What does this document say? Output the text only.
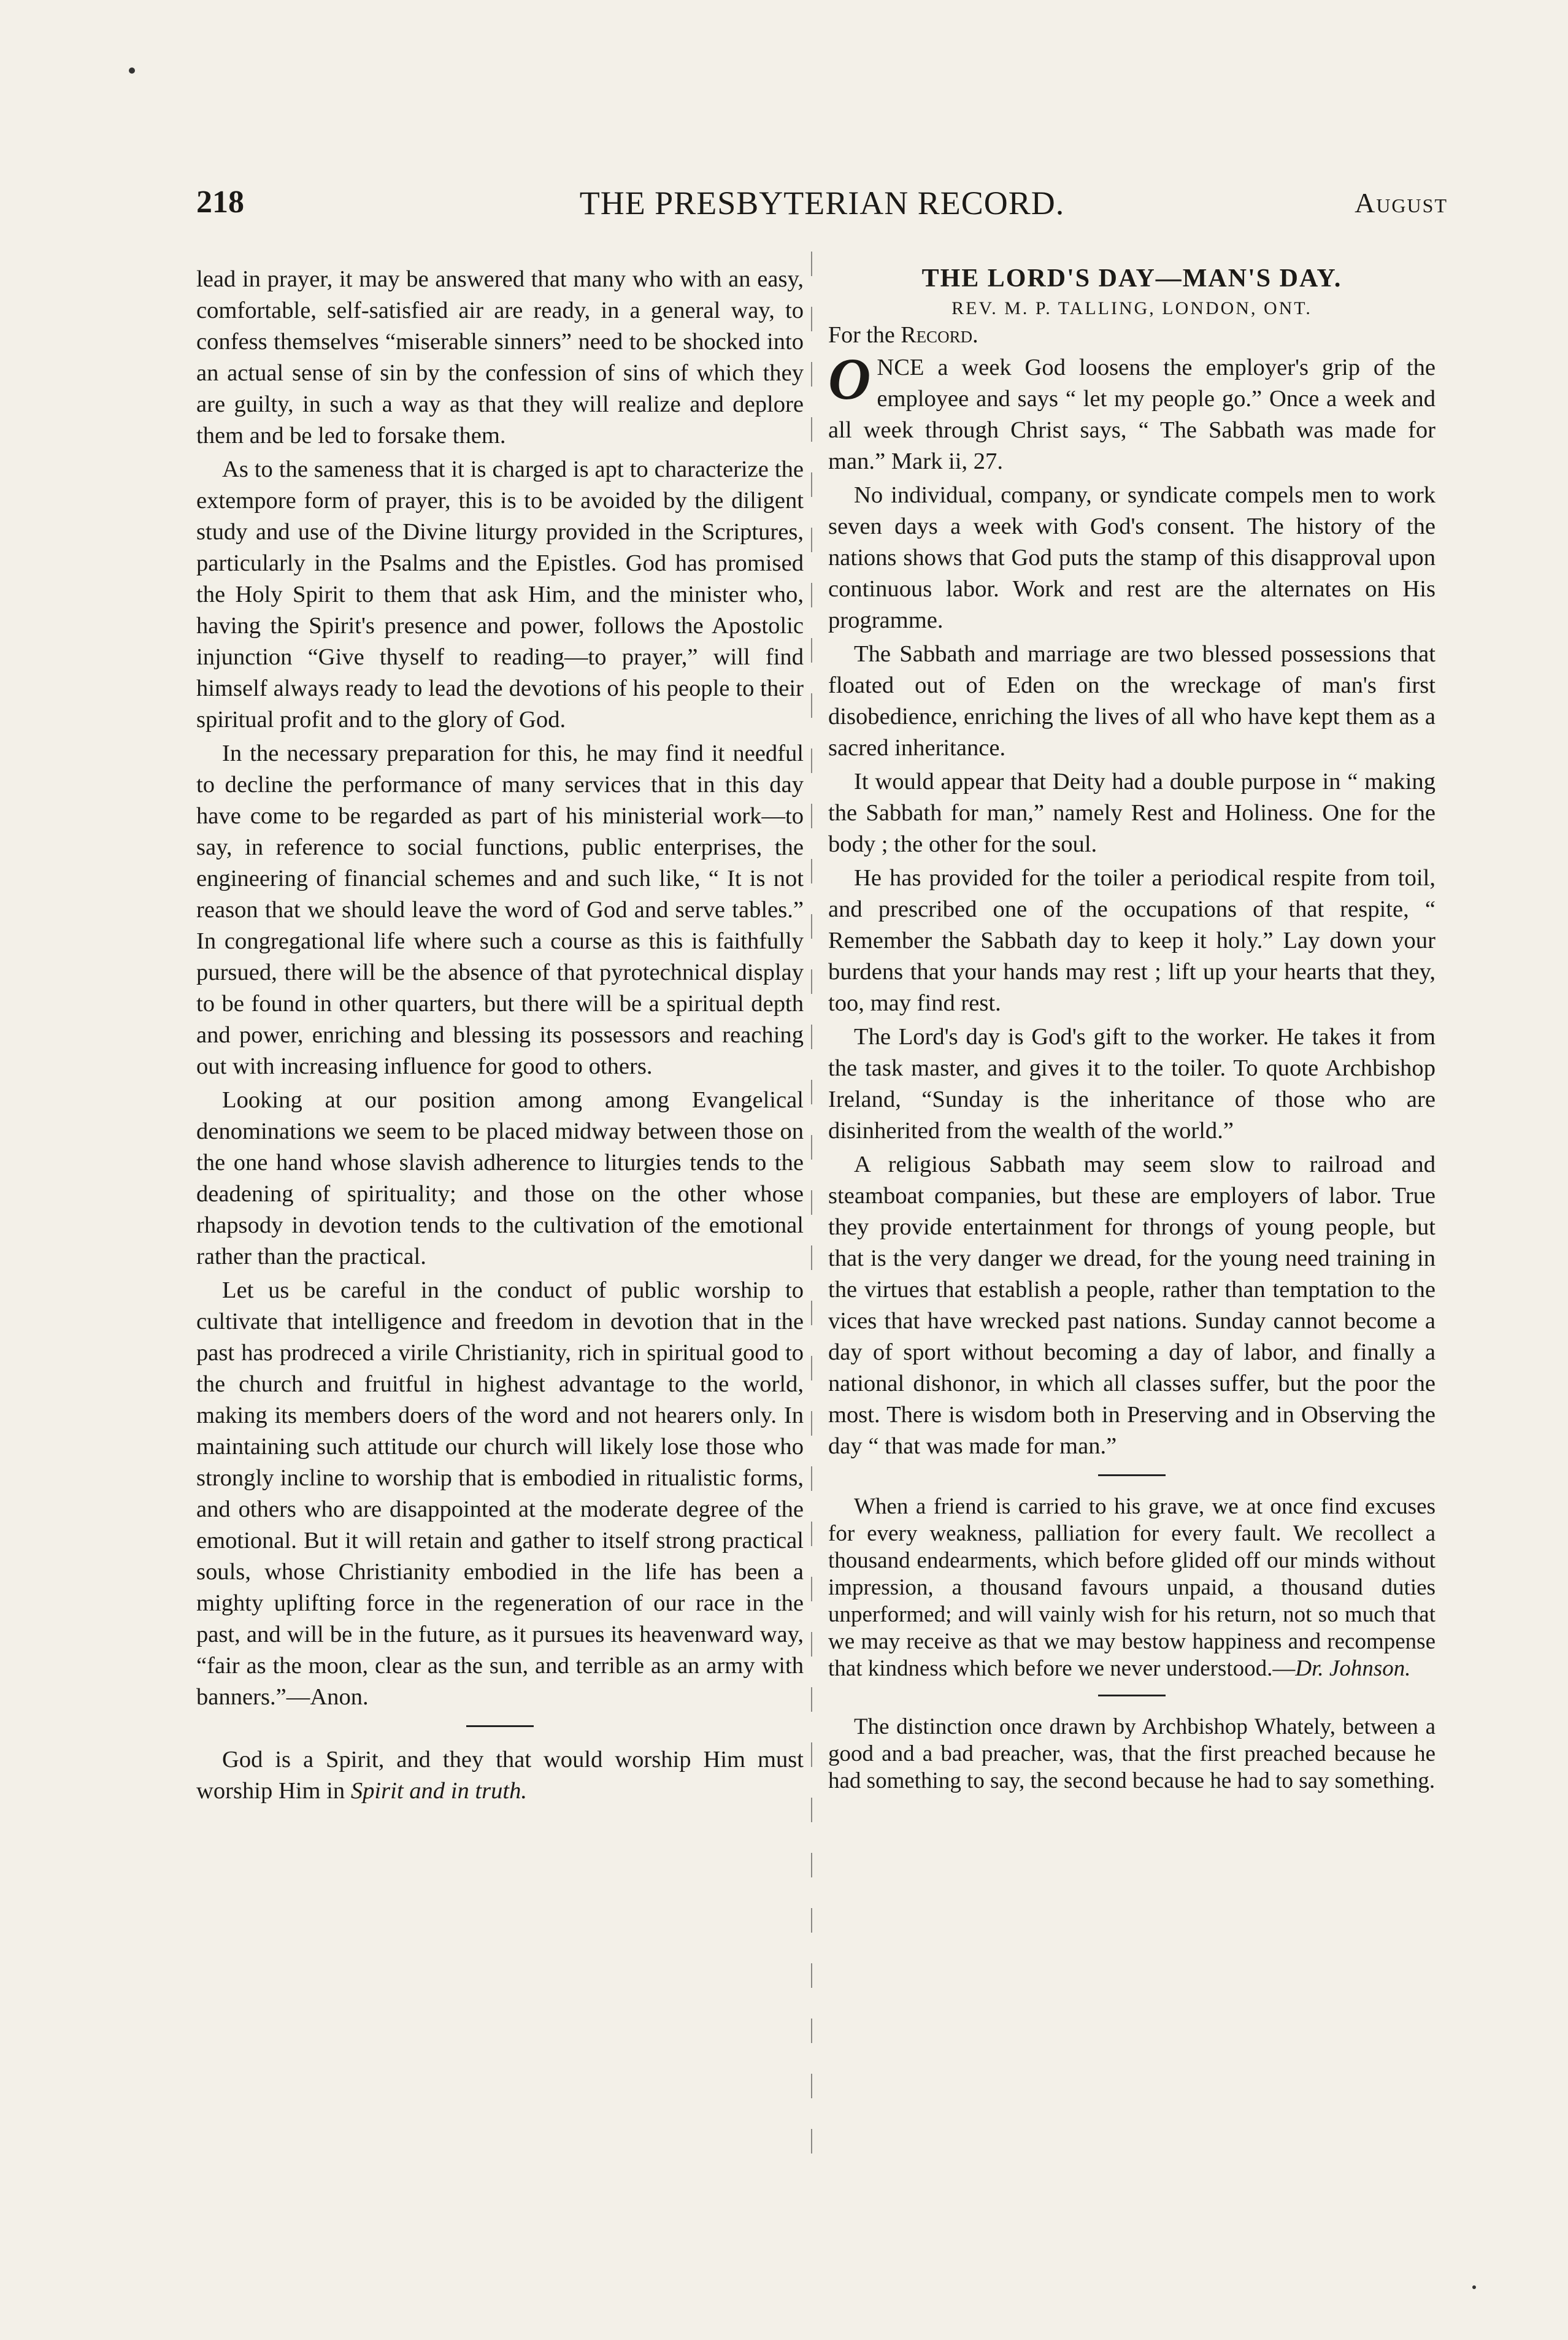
218	THE PRESBYTERIAN RECORD.	August

lead in prayer, it may be answered that many who with an easy, comfortable, self-satisfied air are ready, in a general way, to confess themselves “miserable sinners” need to be shocked into an actual sense of sin by the confession of sins of which they are guilty, in such a way as that they will realize and deplore them and be led to forsake them.

As to the sameness that it is charged is apt to characterize the extempore form of prayer, this is to be avoided by the diligent study and use of the Divine liturgy provided in the Scriptures, particularly in the Psalms and the Epistles. God has promised the Holy Spirit to them that ask Him, and the minister who, having the Spirit's presence and power, follows the Apostolic injunction “Give thyself to reading—to prayer,” will find himself always ready to lead the devotions of his people to their spiritual profit and to the glory of God.

In the necessary preparation for this, he may find it needful to decline the performance of many services that in this day have come to be regarded as part of his ministerial work—to say, in reference to social functions, public enterprises, the engineering of financial schemes and and such like, “ It is not reason that we should leave the word of God and serve tables.” In congregational life where such a course as this is faithfully pursued, there will be the absence of that pyrotechnical display to be found in other quarters, but there will be a spiritual depth and power, enriching and blessing its possessors and reaching out with increasing influence for good to others.

Looking at our position among among Evangelical denominations we seem to be placed midway between those on the one hand whose slavish adherence to liturgies tends to the deadening of spirituality; and those on the other whose rhapsody in devotion tends to the cultivation of the emotional rather than the practical.

Let us be careful in the conduct of public worship to cultivate that intelligence and freedom in devotion that in the past has prodreced a virile Christianity, rich in spiritual good to the church and fruitful in highest advantage to the world, making its members doers of the word and not hearers only. In maintaining such attitude our church will likely lose those who strongly incline to worship that is embodied in ritualistic forms, and others who are disappointed at the moderate degree of the emotional. But it will retain and gather to itself strong practical souls, whose Christianity embodied in the life has been a mighty uplifting force in the regeneration of our race in the past, and will be in the future, as it pursues its heavenward way, “fair as the moon, clear as the sun, and terrible as an army with banners.”—Anon.

God is a Spirit, and they that would worship Him must worship Him in Spirit and in truth.

THE LORD'S DAY—MAN'S DAY.
REV. M. P. TALLING, LONDON, ONT.
For the Record.

ONCE a week God loosens the employer's grip of the employee and says “ let my people go.” Once a week and all week through Christ says, “ The Sabbath was made for man.” Mark ii, 27.

No individual, company, or syndicate compels men to work seven days a week with God's consent. The history of the nations shows that God puts the stamp of this disapproval upon continuous labor. Work and rest are the alternates on His programme.

The Sabbath and marriage are two blessed possessions that floated out of Eden on the wreckage of man's first disobedience, enriching the lives of all who have kept them as a sacred inheritance.

It would appear that Deity had a double purpose in “ making the Sabbath for man,” namely Rest and Holiness. One for the body ; the other for the soul.

He has provided for the toiler a periodical respite from toil, and prescribed one of the occupations of that respite, “ Remember the Sabbath day to keep it holy.” Lay down your burdens that your hands may rest ; lift up your hearts that they, too, may find rest.

The Lord's day is God's gift to the worker. He takes it from the task master, and gives it to the toiler. To quote Archbishop Ireland, “Sunday is the inheritance of those who are disinherited from the wealth of the world.”

A religious Sabbath may seem slow to railroad and steamboat companies, but these are employers of labor. True they provide entertainment for throngs of young people, but that is the very danger we dread, for the young need training in the virtues that establish a people, rather than temptation to the vices that have wrecked past nations. Sunday cannot become a day of sport without becoming a day of labor, and finally a national dishonor, in which all classes suffer, but the poor the most. There is wisdom both in Preserving and in Observing the day “ that was made for man.”

When a friend is carried to his grave, we at once find excuses for every weakness, palliation for every fault. We recollect a thousand endearments, which before glided off our minds without impression, a thousand favours unpaid, a thousand duties unperformed; and will vainly wish for his return, not so much that we may receive as that we may bestow happiness and recompense that kindness which before we never understood.—Dr. Johnson.

The distinction once drawn by Archbishop Whately, between a good and a bad preacher, was, that the first preached because he had something to say, the second because he had to say something.
